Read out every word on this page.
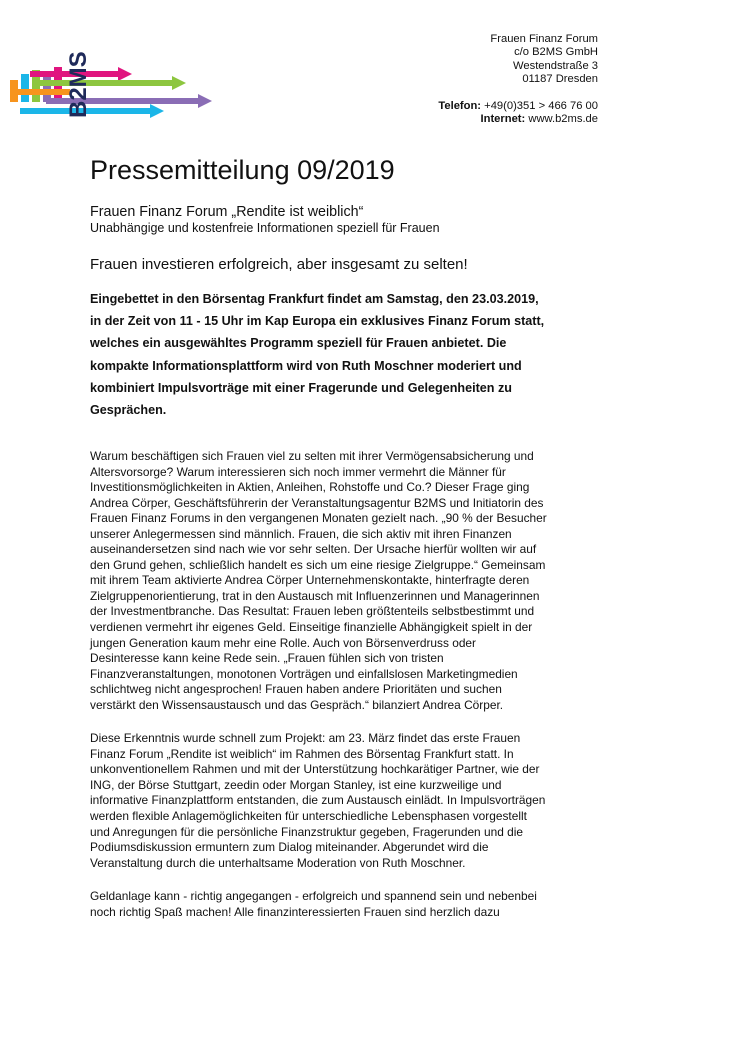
B2MS
Frauen Finanz Forum
c/o B2MS GmbH
Westendstraße 3
01187 Dresden
Telefon: +49(0)351 > 466 76 00
Internet: www.b2ms.de
Pressemitteilung 09/2019
Frauen Finanz Forum „Rendite ist weiblich“
Unabhängige und kostenfreie Informationen speziell für Frauen
Frauen investieren erfolgreich, aber insgesamt zu selten!
Eingebettet in den Börsentag Frankfurt findet am Samstag, den 23.03.2019,
in der Zeit von 11 - 15 Uhr im Kap Europa ein exklusives Finanz Forum statt,
welches ein ausgewähltes Programm speziell für Frauen anbietet. Die
kompakte Informationsplattform wird von Ruth Moschner moderiert und
kombiniert Impulsvorträge mit einer Fragerunde und Gelegenheiten zu
Gesprächen.

Warum beschäftigen sich Frauen viel zu selten mit ihrer Vermögensabsicherung und
Altersvorsorge? Warum interessieren sich noch immer vermehrt die Männer für
Investitionsmöglichkeiten in Aktien, Anleihen, Rohstoffe und Co.? Dieser Frage ging
Andrea Cörper, Geschäftsführerin der Veranstaltungsagentur B2MS und Initiatorin des
Frauen Finanz Forums in den vergangenen Monaten gezielt nach. „90 % der Besucher
unserer Anlegermessen sind männlich. Frauen, die sich aktiv mit ihren Finanzen
auseinandersetzen sind nach wie vor sehr selten. Der Ursache hierfür wollten wir auf
den Grund gehen, schließlich handelt es sich um eine riesige Zielgruppe.“ Gemeinsam
mit ihrem Team aktivierte Andrea Cörper Unternehmenskontakte, hinterfragte deren
Zielgruppenorientierung, trat in den Austausch mit Influenzerinnen und Managerinnen
der Investmentbranche. Das Resultat: Frauen leben größtenteils selbstbestimmt und
verdienen vermehrt ihr eigenes Geld. Einseitige finanzielle Abhängigkeit spielt in der
jungen Generation kaum mehr eine Rolle. Auch von Börsenverdruss oder
Desinteresse kann keine Rede sein. „Frauen fühlen sich von tristen
Finanzveranstaltungen, monotonen Vorträgen und einfallslosen Marketingmedien
schlichtweg nicht angesprochen! Frauen haben andere Prioritäten und suchen
verstärkt den Wissensaustausch und das Gespräch.“ bilanziert Andrea Cörper.

Diese Erkenntnis wurde schnell zum Projekt: am 23. März findet das erste Frauen
Finanz Forum „Rendite ist weiblich“ im Rahmen des Börsentag Frankfurt statt. In
unkonventionellem Rahmen und mit der Unterstützung hochkarätiger Partner, wie der
ING, der Börse Stuttgart, zeedin oder Morgan Stanley, ist eine kurzweilige und
informative Finanzplattform entstanden, die zum Austausch einlädt. In Impulsvorträgen
werden flexible Anlagemöglichkeiten für unterschiedliche Lebensphasen vorgestellt
und Anregungen für die persönliche Finanzstruktur gegeben, Fragerunden und die
Podiumsdiskussion ermuntern zum Dialog miteinander. Abgerundet wird die
Veranstaltung durch die unterhaltsame Moderation von Ruth Moschner.

Geldanlage kann - richtig angegangen - erfolgreich und spannend sein und nebenbei
noch richtig Spaß machen! Alle finanzinteressierten Frauen sind herzlich dazu
